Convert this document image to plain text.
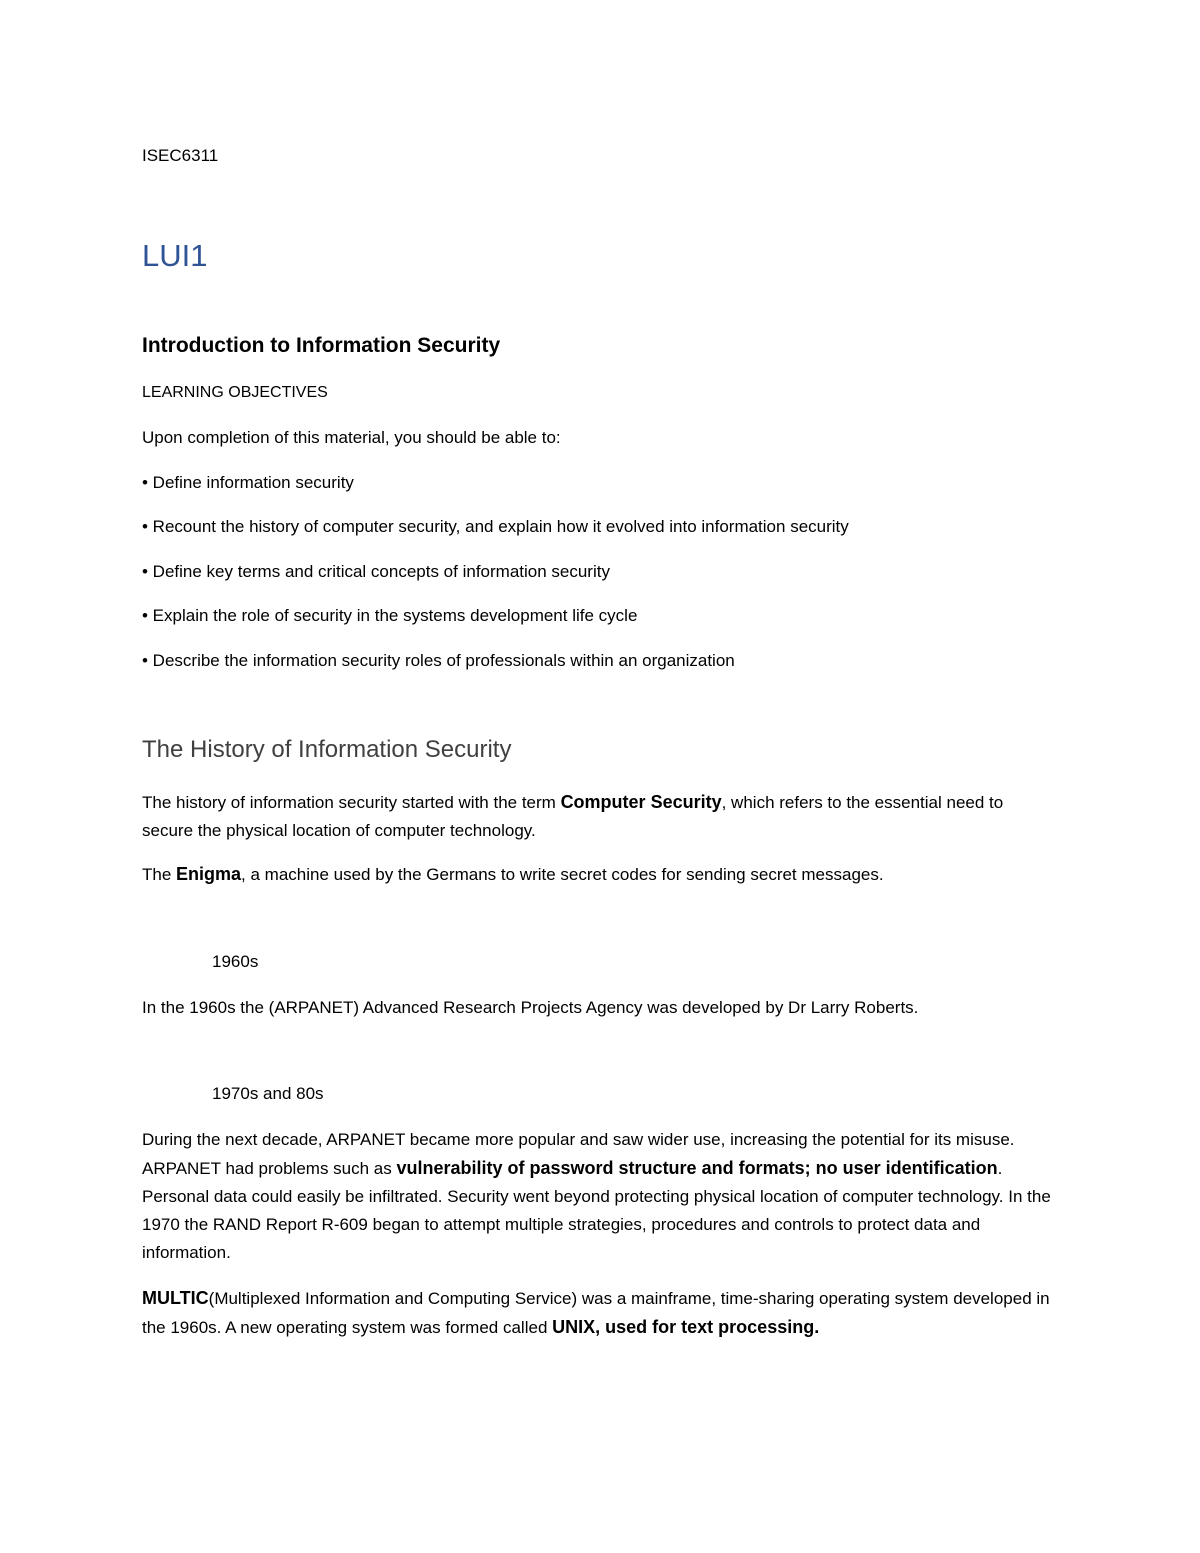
ISEC6311
LUI1
Introduction to Information Security
LEARNING OBJECTIVES
Upon completion of this material, you should be able to:
• Define information security
• Recount the history of computer security, and explain how it evolved into information security
• Define key terms and critical concepts of information security
• Explain the role of security in the systems development life cycle
• Describe the information security roles of professionals within an organization
The History of Information Security

The history of information security started with the term Computer Security, which refers to the essential need to secure the physical location of computer technology.

The Enigma, a machine used by the Germans to write secret codes for sending secret messages.

1960s

In the 1960s the (ARPANET) Advanced Research Projects Agency was developed by Dr Larry Roberts.

1970s and 80s

During the next decade, ARPANET became more popular and saw wider use, increasing the potential for its misuse. ARPANET had problems such as vulnerability of password structure and formats; no user identification. Personal data could easily be infiltrated. Security went beyond protecting physical location of computer technology. In the 1970 the RAND Report R-609 began to attempt multiple strategies, procedures and controls to protect data and information.

MULTIC(Multiplexed Information and Computing Service) was a mainframe, time-sharing operating system developed in the 1960s. A new operating system was formed called UNIX, used for text processing.
